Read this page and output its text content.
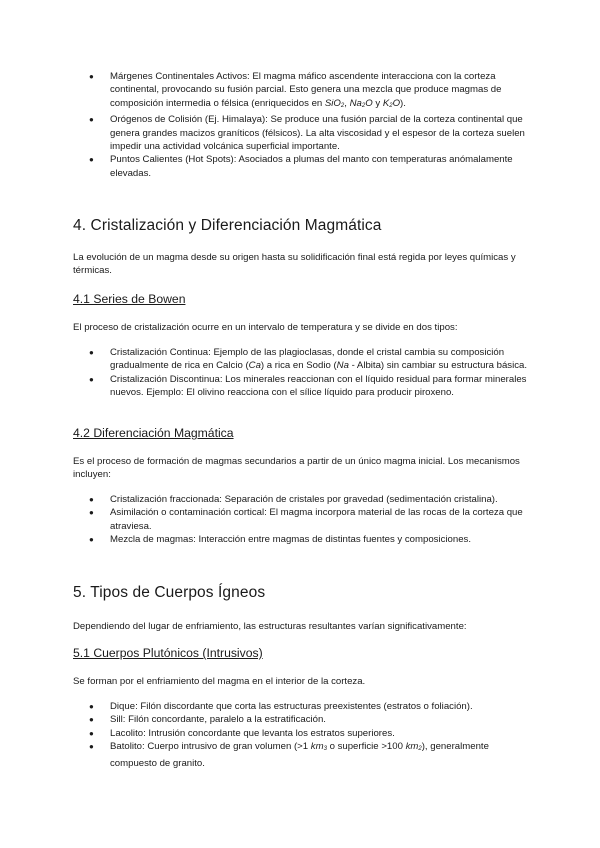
● Márgenes Continentales Activos: El magma máfico ascendente interacciona con la corteza continental, provocando su fusión parcial. Esto genera una mezcla que produce magmas de composición intermedia o félsica (enriquecidos en SiO$_2$, $Na_2O$ y $K_2O$).
● Orógenos de Colisión (Ej. Himalaya): Se produce una fusión parcial de la corteza continental que genera grandes macizos graníticos (félsicos). La alta viscosidad y el espesor de la corteza suelen impedir una actividad volcánica superficial importante.
● Puntos Calientes (Hot Spots): Asociados a plumas del manto con temperaturas anómalamente elevadas.
4. Cristalización y Diferenciación Magmática

La evolución de un magma desde su origen hasta su solidificación final está regida por leyes químicas y térmicas.

4.1 Series de Bowen

El proceso de cristalización ocurre en un intervalo de temperatura y se divide en dos tipos:

● Cristalización Continua: Ejemplo de las plagioclasas, donde el cristal cambia su composición gradualmente de rica en Calcio (Ca) a rica en Sodio (Na - Albita) sin cambiar su estructura básica.
● Cristalización Discontinua: Los minerales reaccionan con el líquido residual para formar minerales nuevos. Ejemplo: El olivino reacciona con el sílice líquido para producir piroxeno.
4.2 Diferenciación Magmática

Es el proceso de formación de magmas secundarios a partir de un único magma inicial. Los mecanismos incluyen:

● Cristalización fraccionada: Separación de cristales por gravedad (sedimentación cristalina).
● Asimilación o contaminación cortical: El magma incorpora material de las rocas de la corteza que atraviesa.
● Mezcla de magmas: Interacción entre magmas de distintas fuentes y composiciones.
5. Tipos de Cuerpos Ígneos

Dependiendo del lugar de enfriamiento, las estructuras resultantes varían significativamente:

5.1 Cuerpos Plutónicos (Intrusivos)

Se forman por el enfriamiento del magma en el interior de la corteza.

● Dique: Filón discordante que corta las estructuras preexistentes (estratos o foliación).
● Sill: Filón concordante, paralelo a la estratificación.
● Lacolito: Intrusión concordante que levanta los estratos superiores.
● Batolito: Cuerpo intrusivo de gran volumen (>1 $km_3$ o superficie >100 $km_2$), generalmente compuesto de granito.
